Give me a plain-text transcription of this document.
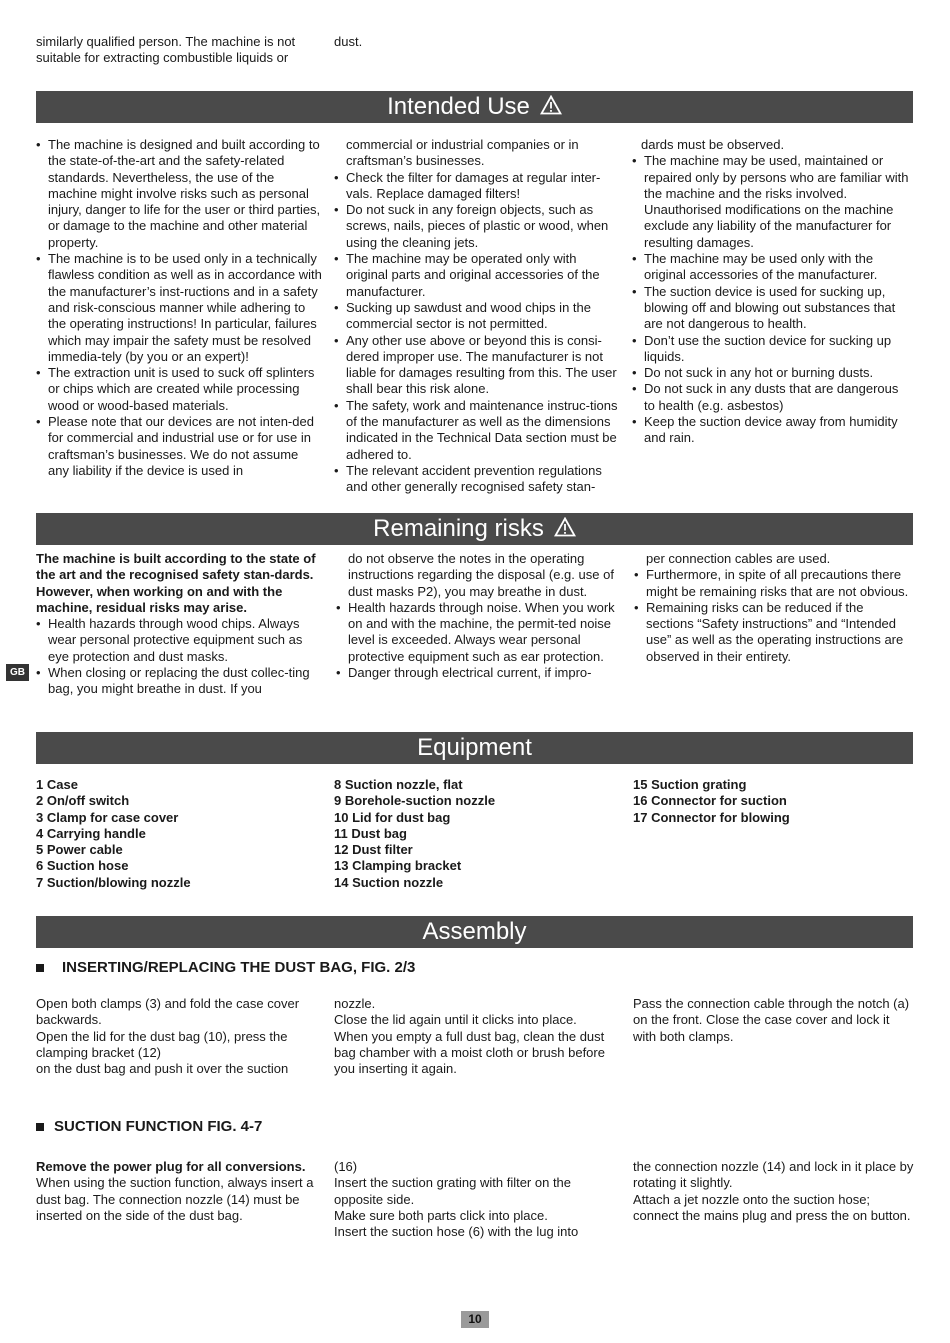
similarly qualified person. The machine is not suitable for extracting combustible liquids or
dust.
Intended Use
• The machine is designed and built according to the state-of-the-art and the safety-related standards. Nevertheless, the use of the machine might involve risks such as personal injury, danger to life for the user or third parties, or damage to the machine and other material property.
• The machine is to be used only in a technically flawless condition as well as in accordance with the manufacturer’s inst-ructions and in a safety and risk-conscious manner while adhering to the operating instructions! In particular, failures which may impair the safety must be resolved immedia-tely (by you or an expert)!
• The extraction unit is used to suck off splinters or chips which are created while processing wood or wood-based materials.
• Please note that our devices are not inten-ded for commercial and industrial use or for use in craftsman’s businesses. We do not assume any liability if the device is used in

commercial or industrial companies or in craftsman’s businesses.

• Check the filter for damages at regular inter-vals. Replace damaged filters!
• Do not suck in any foreign objects, such as screws, nails, pieces of plastic or wood, when using the cleaning jets.
• The machine may be operated only with original parts and original accessories of the manufacturer.
• Sucking up sawdust and wood chips in the commercial sector is not permitted.
• Any other use above or beyond this is consi-dered improper use. The manufacturer is not liable for damages resulting from this. The user shall bear this risk alone.
• The safety, work and maintenance instruc-tions of the manufacturer as well as the dimensions indicated in the Technical Data section must be adhered to.
• The relevant accident prevention regulations and other generally recognised safety stan-

dards must be observed.

• The machine may be used, maintained or repaired only by persons who are familiar with the machine and the risks involved. Unauthorised modifications on the machine exclude any liability of the manufacturer for resulting damages.
• The machine may be used only with the original accessories of the manufacturer.
• The suction device is used for sucking up, blowing off and blowing out substances that are not dangerous to health.
• Don’t use the suction device for sucking up liquids.
• Do not suck in any hot or burning dusts.
• Do not suck in any dusts that are dangerous to health (e.g. asbestos)
• Keep the suction device away from humidity and rain.
Remaining risks

The machine is built according to the state of the art and the recognised safety stan-dards. However, when working on and with the machine, residual risks may arise.

• Health hazards through wood chips. Always wear personal protective equipment such as eye protection and dust masks.
• When closing or replacing the dust collec-ting bag, you might breathe in dust. If you
GB

do not observe the notes in the operating instructions regarding the disposal (e.g. use of dust masks P2), you may breathe in dust.

• Health hazards through noise. When you work on and with the machine, the permit-ted noise level is exceeded. Always wear personal protective equipment such as ear protection.
• Danger through electrical current, if impro-

per connection cables are used.

• Furthermore, in spite of all precautions there might be remaining risks that are not obvious.
• Remaining risks can be reduced if the sections “Safety instructions” and “Intended use” as well as the operating instructions are observed in their entirety.
Equipment

1 Case

2 On/off switch

3 Clamp for case cover

4 Carrying handle

5 Power cable

6 Suction hose

7 Suction/blowing nozzle

8 Suction nozzle, flat

9 Borehole-suction nozzle

10 Lid for dust bag

11 Dust bag

12 Dust filter

13 Clamping bracket

14 Suction nozzle

15 Suction grating

16 Connector for suction

17 Connector for blowing

Assembly
INSERTING/REPLACING THE DUST BAG, FIG. 2/3

Open both clamps (3) and fold the case cover backwards.

Open the lid for the dust bag (10), press the clamping bracket (12)

on the dust bag and push it over the suction

nozzle.

Close the lid again until it clicks into place.

When you empty a full dust bag, clean the dust bag chamber with a moist cloth or brush before you inserting it again.

Pass the connection cable through the notch (a) on the front. Close the case cover and lock it with both clamps.

SUCTION FUNCTION FIG. 4-7

Remove the power plug for all conversions.

When using the suction function, always insert a dust bag. The connection nozzle (14) must be inserted on the side of the dust bag.

(16)

Insert the suction grating with filter on the opposite side.

Make sure both parts click into place.

Insert the suction hose (6) with the lug into

the connection nozzle (14) and lock in it place by rotating it slightly.

Attach a jet nozzle onto the suction hose; connect the mains plug and press the on button.

10
